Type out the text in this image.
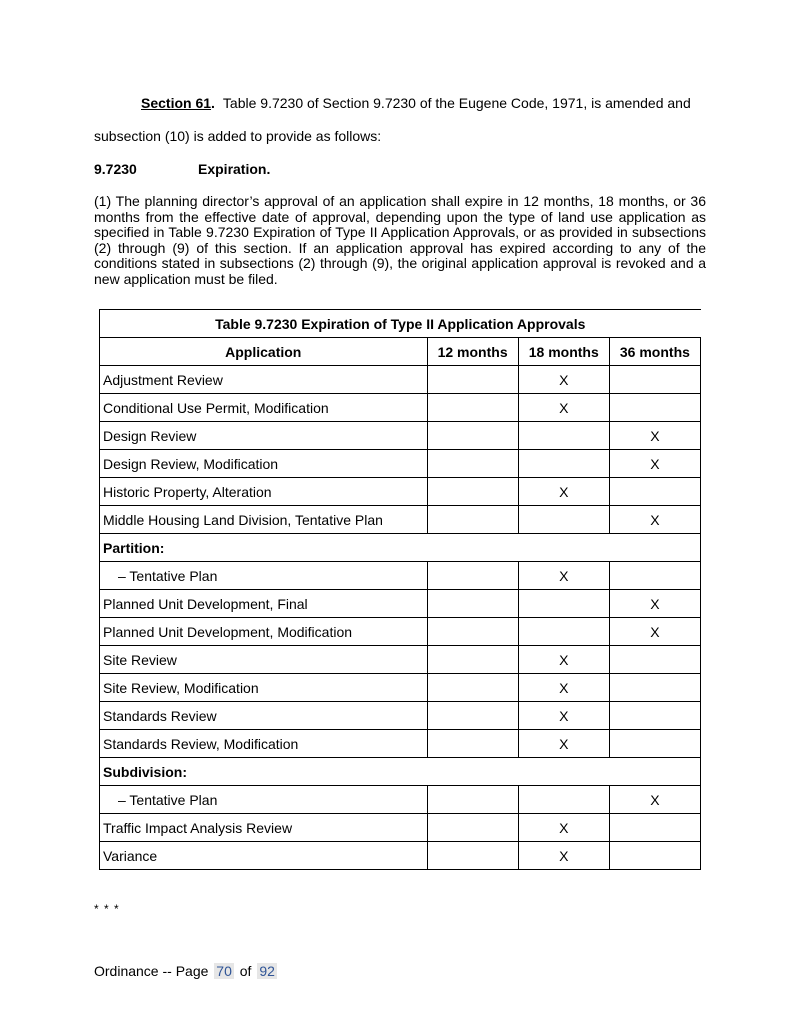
Section 61. Table 9.7230 of Section 9.7230 of the Eugene Code, 1971, is amended and
subsection (10) is added to provide as follows:
9.7230	Expiration.
(1) The planning director’s approval of an application shall expire in 12 months, 18 months, or 36 months from the effective date of approval, depending upon the type of land use application as specified in Table 9.7230 Expiration of Type II Application Approvals, or as provided in subsections (2) through (9) of this section. If an application approval has expired according to any of the conditions stated in subsections (2) through (9), the original application approval is revoked and a new application must be filed.
Table 9.7230 Expiration of Type II Application Approvals			
Application	12 months	18 months	36 months
Adjustment Review		X	
Conditional Use Permit, Modification		X	
Design Review			X
Design Review, Modification			X
Historic Property, Alteration		X	
Middle Housing Land Division, Tentative Plan			X
Partition:			
– Tentative Plan		X	
Planned Unit Development, Final			X
Planned Unit Development, Modification			X
Site Review		X	
Site Review, Modification		X	
Standards Review		X	
Standards Review, Modification		X	
Subdivision:			
– Tentative Plan			X
Traffic Impact Analysis Review		X	
Variance		X	
* * *
Ordinance -- Page 70 of 92
